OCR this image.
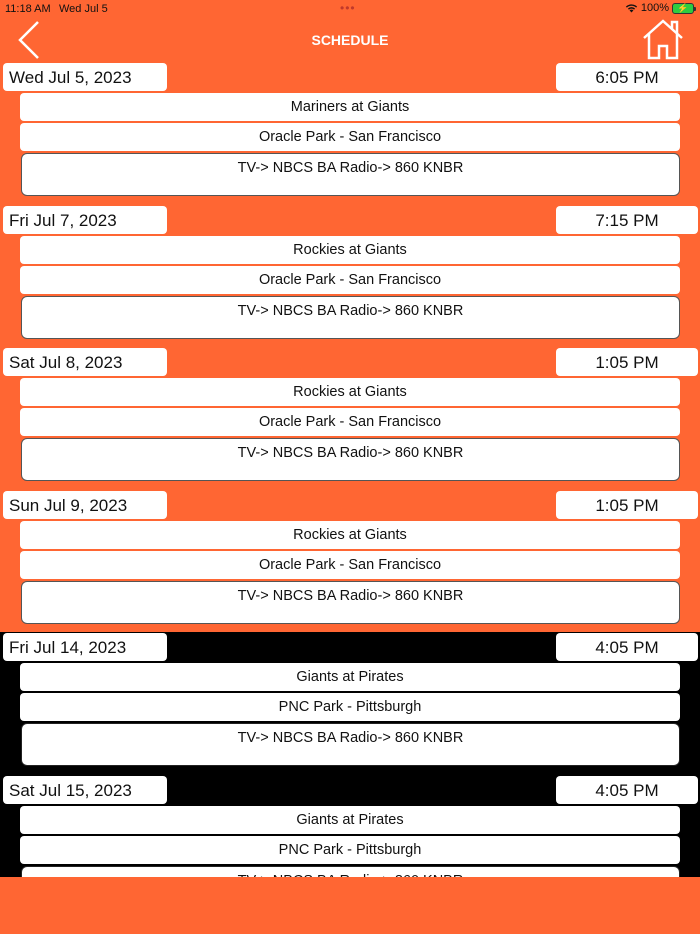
11:18 AM Wed Jul 5	•••	100% ⚡
SCHEDULE
Wed Jul 5, 2023	6:05 PM
Mariners at Giants
Oracle Park - San Francisco
TV-> NBCS BA Radio-> 860 KNBR
Fri Jul 7, 2023	7:15 PM
Rockies at Giants
Oracle Park - San Francisco
TV-> NBCS BA Radio-> 860 KNBR
Sat Jul 8, 2023	1:05 PM
Rockies at Giants
Oracle Park - San Francisco
TV-> NBCS BA Radio-> 860 KNBR
Sun Jul 9, 2023	1:05 PM
Rockies at Giants
Oracle Park - San Francisco
TV-> NBCS BA Radio-> 860 KNBR
Fri Jul 14, 2023	4:05 PM
Giants at Pirates
PNC Park - Pittsburgh
TV-> NBCS BA Radio-> 860 KNBR
Sat Jul 15, 2023	4:05 PM
Giants at Pirates
PNC Park - Pittsburgh
